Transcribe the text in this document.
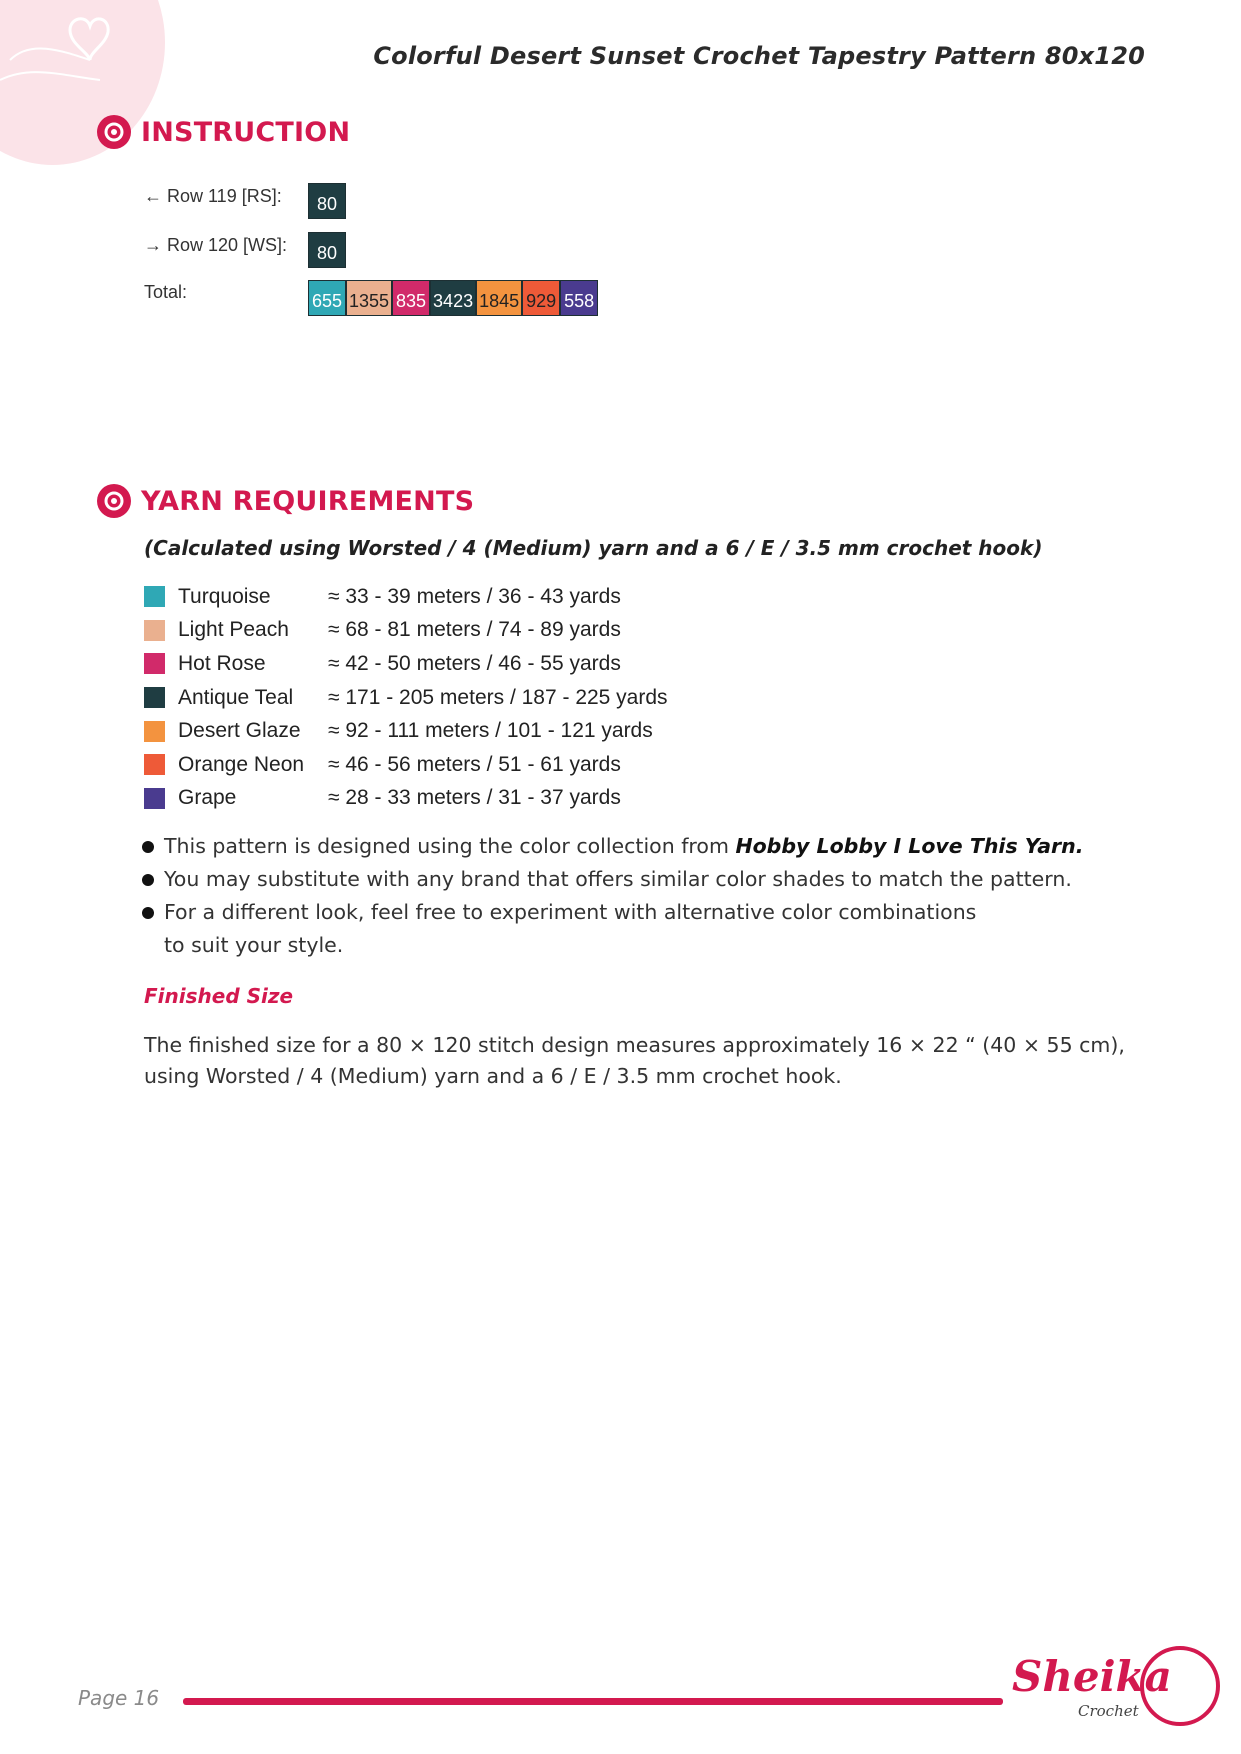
Colorful Desert Sunset Crochet Tapestry Pattern 80x120
INSTRUCTION
← Row 119 [RS]:	80
→ Row 120 [WS]:	80
Total:	655 1355 835 3423 1845 929 558
YARN REQUIREMENTS

(Calculated using Worsted / 4 (Medium) yarn and a 6 / E / 3.5 mm crochet hook)

Turquoise	≈ 33 - 39 meters / 36 - 43 yards
Light Peach	≈ 68 - 81 meters / 74 - 89 yards
Hot Rose	≈ 42 - 50 meters / 46 - 55 yards
Antique Teal	≈ 171 - 205 meters / 187 - 225 yards
Desert Glaze	≈ 92 - 111 meters / 101 - 121 yards
Orange Neon	≈ 46 - 56 meters / 51 - 61 yards
Grape	≈ 28 - 33 meters / 31 - 37 yards
This pattern is designed using the color collection from Hobby Lobby I Love This Yarn.
You may substitute with any brand that offers similar color shades to match the pattern.
For a different look, feel free to experiment with alternative color combinations
to suit your style.
Finished Size

The finished size for a 80 × 120 stitch design measures approximately 16 × 22 “ (40 × 55 cm),
using Worsted / 4 (Medium) yarn and a 6 / E / 3.5 mm crochet hook.

Page 16	Sheika
Crochet
